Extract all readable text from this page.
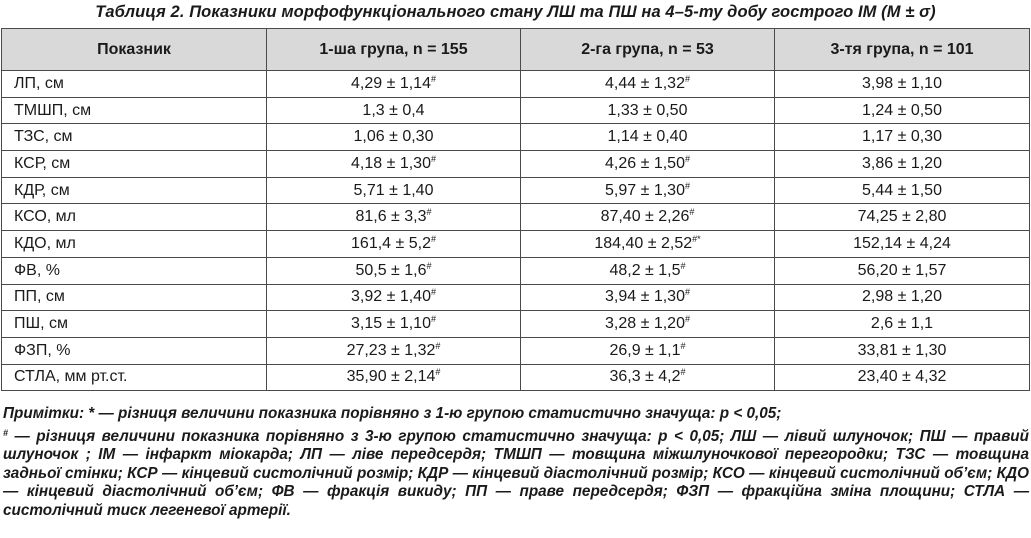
Таблиця 2. Показники морфофункціонального стану ЛШ та ПШ на 4–5-ту добу гострого ІМ (М ± σ)
Показник	1-ша група, n = 155	2-га група, n = 53	3-тя група, n = 101
ЛП, см	4,29 ± 1,14#	4,44 ± 1,32#	3,98 ± 1,10
ТМШП, см	1,3 ± 0,4	1,33 ± 0,50	1,24 ± 0,50
ТЗС, см	1,06 ± 0,30	1,14 ± 0,40	1,17 ± 0,30
КСР, см	4,18 ± 1,30#	4,26 ± 1,50#	3,86 ± 1,20
КДР, см	5,71 ± 1,40	5,97 ± 1,30#	5,44 ± 1,50
КСО, мл	81,6 ± 3,3#	87,40 ± 2,26#	74,25 ± 2,80
КДО, мл	161,4 ± 5,2#	184,40 ± 2,52#*	152,14 ± 4,24
ФВ, %	50,5 ± 1,6#	48,2 ± 1,5#	56,20 ± 1,57
ПП, см	3,92 ± 1,40#	3,94 ± 1,30#	2,98 ± 1,20
ПШ, см	3,15 ± 1,10#	3,28 ± 1,20#	2,6 ± 1,1
ФЗП, %	27,23 ± 1,32#	26,9 ± 1,1#	33,81 ± 1,30
СТЛА, мм рт.ст.	35,90 ± 2,14#	36,3 ± 4,2#	23,40 ± 4,32
Примітки: * — різниця величини показника порівняно з 1-ю групою статистично значуща: р < 0,05;
# — різниця величини показника порівняно з 3-ю групою статистично значуща: р < 0,05; ЛШ — лівий шлуночок; ПШ — правий шлуночок ; ІМ — інфаркт міокарда; ЛП — ліве передсердя; ТМШП — товщина міжшлуночкової перегородки; ТЗС — товщина задньої стінки; КСР — кінцевий систолічний розмір; КДР — кінцевий діастолічний розмір; КСО — кінцевий систолічний об’єм; КДО — кінцевий діастолічний об’єм; ФВ — фракція викиду; ПП — праве передсердя; ФЗП — фракційна зміна площини; СТЛА — систолічний тиск легеневої артерії.
